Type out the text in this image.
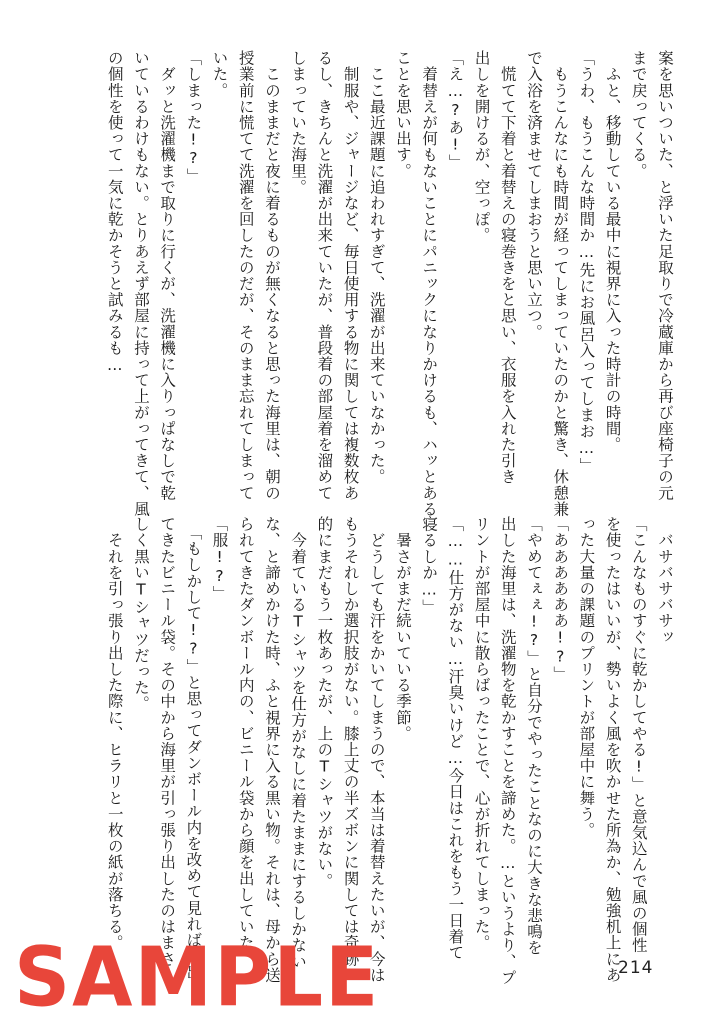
案を思いついた、と浮いた足取りで冷蔵庫から再び座椅子の元
まで戻ってくる。
　ふと、移動している最中に視界に入った時計の時間。
「うわ、もうこんな時間か…先にお風呂入ってしまお…」
　もうこんなにも時間が経ってしまっていたのかと驚き、休憩兼
で入浴を済ませてしまおうと思い立つ。
　慌てて下着と着替えの寝巻きをと思い、衣服を入れた引き
出しを開けるが、空っぽ。
「え…?あ!」
　着替えが何もないことにパニックになりかけるも、ハッとある
ことを思い出す。
　ここ最近課題に追われすぎて、洗濯が出来ていなかった。
　制服や、ジャージなど、毎日使用する物に関しては複数枚あ
るし、きちんと洗濯が出来ていたが、普段着の部屋着を溜めて
しまっていた海里。
　このままだと夜に着るものが無くなると思った海里は、朝の
授業前に慌てて洗濯を回したのだが、そのまま忘れてしまって
いた。
「しまった!?」
　ダッと洗濯機まで取りに行くが、洗濯機に入りっぱなしで乾
いているわけもない。とりあえず部屋に持って上がってきて、風
の個性を使って一気に乾かそうと試みるも…
　バサバサバサッ
「こんなものすぐに乾かしてやる!」と意気込んで風の個性
を使ったはいいが、勢いよく風を吹かせた所為か、勉強机上にあ
った大量の課題のプリントが部屋中に舞う。
「ああああああ!?」
「やめてぇぇ!?」と自分でやったことなのに大きな悲鳴を
出した海里は、洗濯物を乾かすことを諦めた。…というより、プ
リントが部屋中に散らばったことで、心が折れてしまった。
「……仕方がない…汗臭いけど…今日はこれをもう一日着て
寝るしか…」
　暑さがまだ続いている季節。
　どうしても汗をかいてしまうので、本当は着替えたいが、今は
もうそれしか選択肢がない。膝上丈の半ズボンに関しては奇跡
的にまだもう一枚あったが、上のTシャツがない。
　今着ているTシャツを仕方がなしに着たままにするしかない
な、と諦めかけた時、ふと視界に入る黒い物。それは、母から送
られてきたダンボール内の、ビニール袋から顔を出していた。
「服!?」
　「もしかして!?」と思ってダンボール内を改めて見れば、出
てきたビニール袋。その中から海里が引っ張り出したのはまさ
しく黒いTシャツだった。
　それを引っ張り出した際に、ヒラリと一枚の紙が落ちる。
SAMPLE	214
